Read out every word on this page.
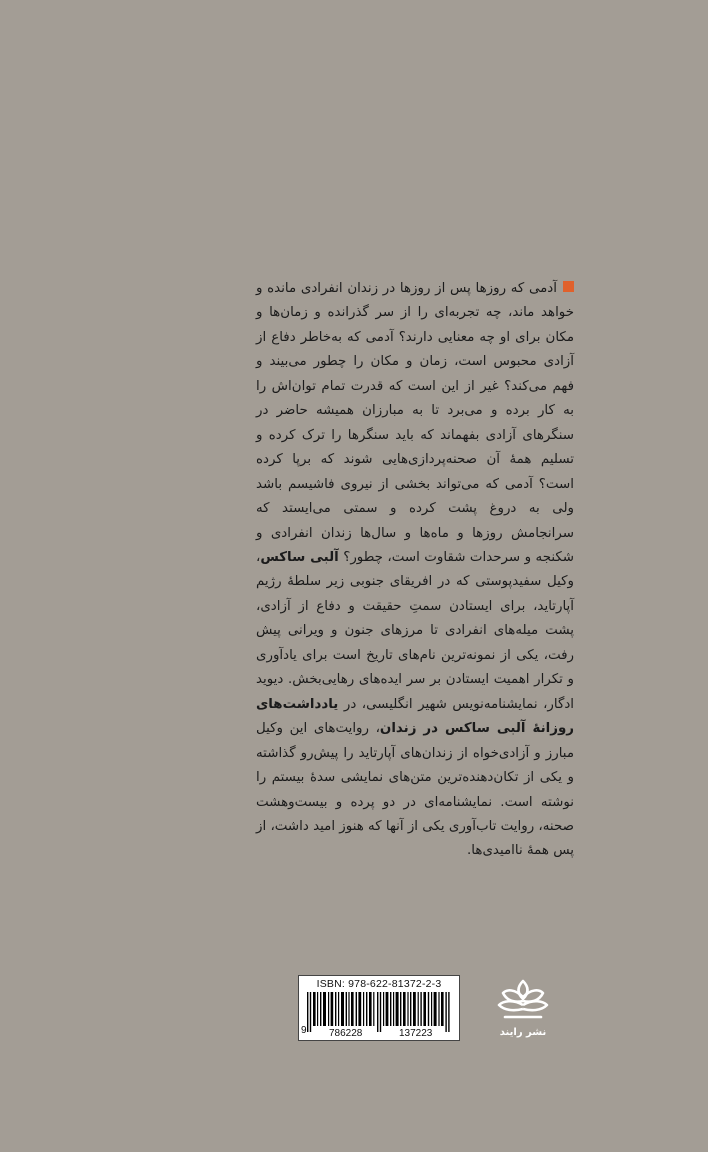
آدمی که روزها پس از روزها در زندان انفرادی مانده و خواهد ماند، چه تجربه‌ای را از سر گذرانده و زمان‌ها و مکان برای او چه معنایی دارند؟ آدمی که به‌خاطر دفاع از آزادی محبوس است، زمان و مکان را چطور می‌بیند و فهم می‌کند؟ غیر از این است که قدرت تمام توان‌اش را به کار برده و می‌برد تا به مبارزان همیشه حاضر در سنگرهای آزادی بفهماند که باید سنگرها را ترک کرده و تسلیم همهٔ آن صحنه‌پردازی‌هایی شوند که برپا کرده است؟ آدمی که می‌تواند بخشی از نیروی فاشیسم باشد ولی به دروغ پشت کرده و سمتی می‌ایستد که سرانجامش روزها و ماه‌ها و سال‌ها زندان انفرادی و شکنجه و سرحدات شقاوت است، چطور؟ آلبی ساکس، وکیل سفیدپوستی که در افریقای جنوبی زیر سلطهٔ رژیم آپارتاید، برای ایستادن سمتِ حقیقت و دفاع از آزادی، پشت میله‌های انفرادی تا مرزهای جنون و ویرانی پیش رفت، یکی از نمونه‌ترین نام‌های تاریخ است برای یادآوری و تکرار اهمیت ایستادن بر سر ایده‌های رهایی‌بخش. دیوید ادگار، نمایشنامه‌نویس شهیر انگلیسی، در یادداشت‌های روزانهٔ آلبی ساکس در زندان، روایت‌های این وکیل مبارز و آزادی‌خواه از زندان‌های آپارتاید را پیش‌رو گذاشته و یکی از تکان‌دهنده‌ترین متن‌های نمایشی سدهٔ بیستم را نوشته است. نمایشنامه‌ای در دو پرده و بیست‌وهشت صحنه، روایت تاب‌آوری یکی از آنها که هنوز امید داشت، از پس همهٔ ناامیدی‌ها.

ISBN: 978-622-81372-2-3
9	786228	137223	نشر رایند
